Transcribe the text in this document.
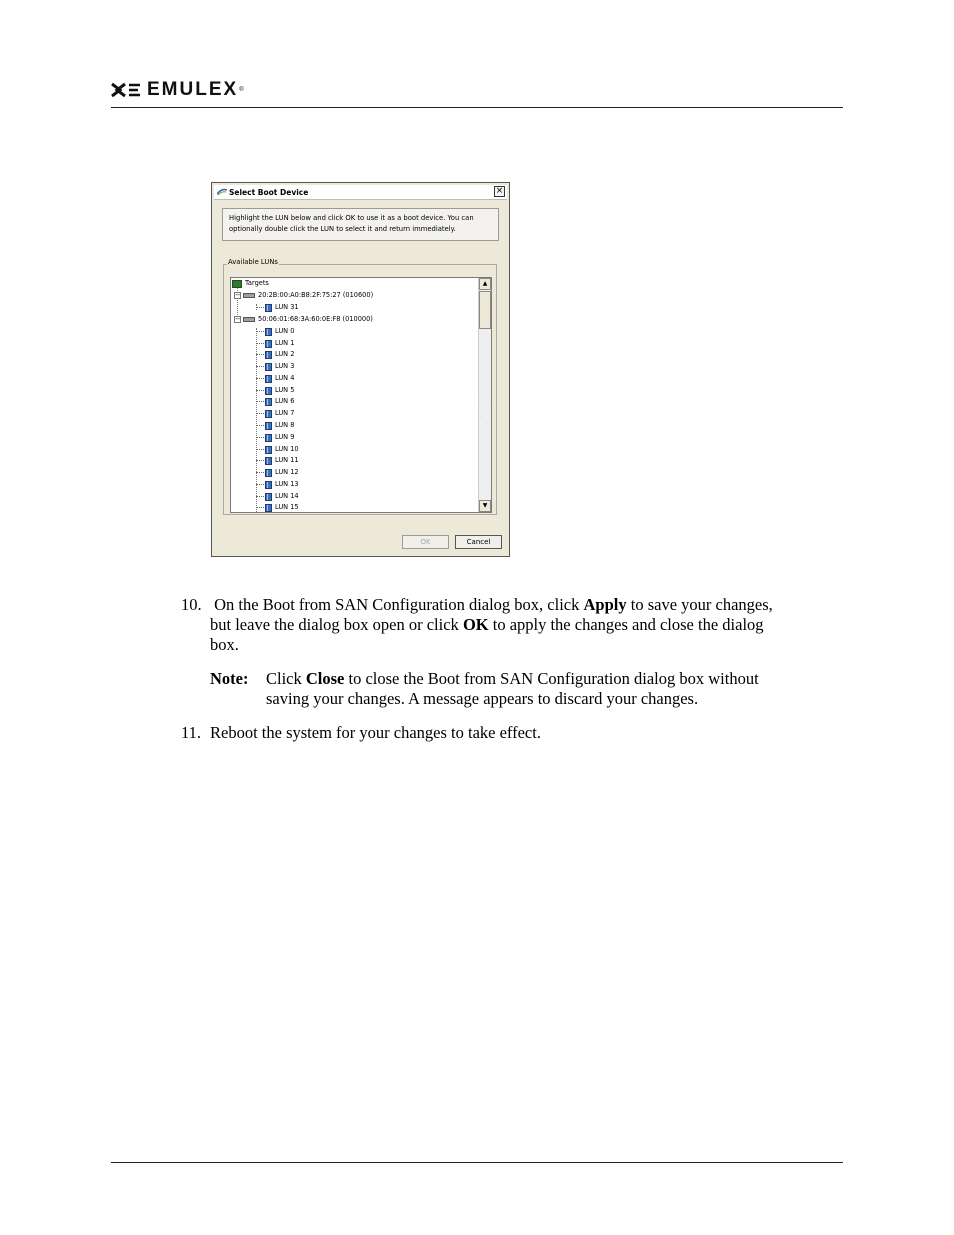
EMULEX ®
Select Boot Device	×
Highlight the LUN below and click OK to use it as a boot device. You can
optionally double click the LUN to select it and return immediately.
Available LUNs
Targets
−	20:2B:00:A0:B8:2F:75:27 (010600)
LUN 31
−	50:06:01:68:3A:60:0E:F8 (010000)
LUN 0
LUN 1
LUN 2
LUN 3
LUN 4
LUN 5
LUN 6
LUN 7
LUN 8
LUN 9
LUN 10
LUN 11
LUN 12
LUN 13
LUN 14
LUN 15
▲
▼
OK	Cancel
10. On the Boot from SAN Configuration dialog box, click Apply to save your changes,
but leave the dialog box open or click OK to apply the changes and close the dialog
box.
Note: Click Close to close the Boot from SAN Configuration dialog box without
saving your changes. A message appears to discard your changes.
11. Reboot the system for your changes to take effect.
